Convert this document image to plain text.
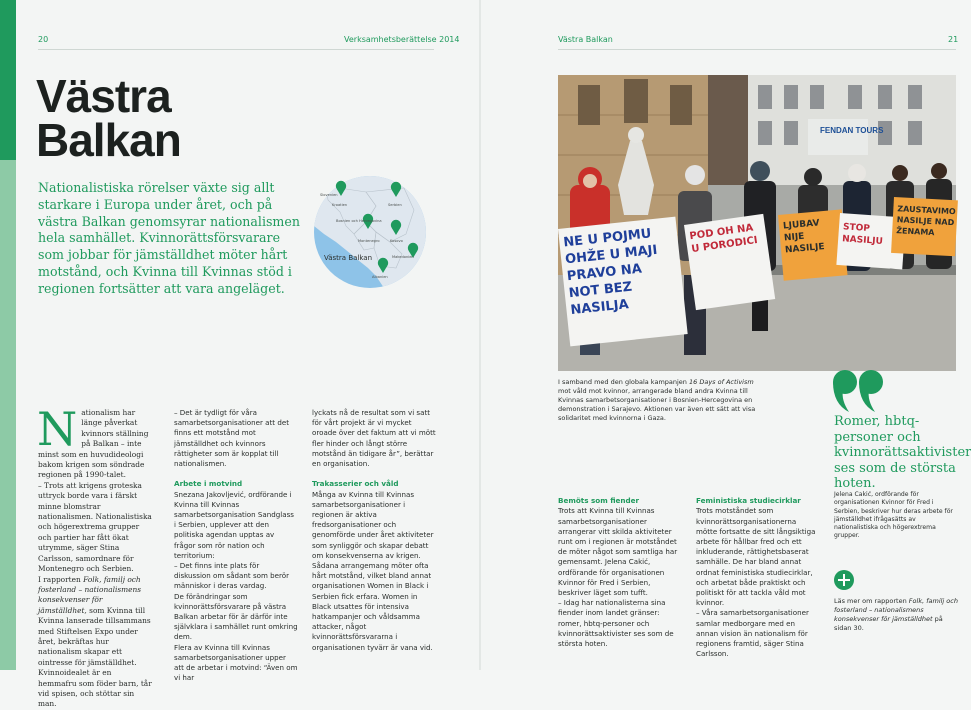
20	Verksamhetsberättelse 2014	Västra Balkan	21
Västra
Balkan
Nationalistiska rörelser växte sig allt starkare i Europa under året, och på västra Balkan genomsyrar nationalismen hela samhället. Kvinnorättsförsvarare som jobbar för jämställdhet möter hårt motstånd, och Kvinna till Kvinnas stöd i regionen fortsätter att vara angeläget.
Slovenien
Kroatien
Bosnien och Hercegovina
Serbien
Kosovo
Makedonien
Albanien
Montenegro
Västra Balkan
FENDAN TOURS
NE U POJMU OHŽE U MAJI PRAVO NA NOT BEZ NASILJA
POD OH NA U PORODICI
LJUBAV NIJE NASILJE
STOP NASILJU
ZAUSTAVIMO NASILJE NAD ŽENAMA

Nationalism har länge påverkat kvinnors ställning på Balkan – inte minst som en huvudideologi bakom krigen som söndrade regionen på 1990-talet.

– Trots att krigens groteska uttryck borde vara i färskt minne blomstrar nationalismen. Nationalistiska och högerextrema grupper och partier har fått ökat utrymme, säger Stina Carlsson, samordnare för Montenegro och Serbien.

I rapporten Folk, familj och fosterland – nationalismens konsekvenser för jämställdhet, som Kvinna till Kvinna lanserade tillsammans med Stiftelsen Expo under året, bekräftas hur nationalism skapar ett ointresse för jämställdhet. Kvinnoidealet är en hemmafru som föder barn, tår vid spisen, och stöttar sin man.

– Det är tydligt för våra samarbetsorganisationer att det finns ett motstånd mot jämställdhet och kvinnors rättigheter som är kopplat till nationalismen.

Arbete i motvind

Snezana Jakovljević, ordförande i Kvinna till Kvinnas samarbetsorganisation Sandglass i Serbien, upplever att den politiska agendan upptas av frågor som rör nation och territorium:

– Det finns inte plats för diskussion om sådant som berör människor i deras vardag.

De förändringar som kvinnorättsförsvarare på västra Balkan arbetar för är därför inte självklara i samhället runt omkring dem.

Flera av Kvinna till Kvinnas samarbetsorganisationer upper att de arbetar i motvind: “Även om vi har

lyckats nå de resultat som vi satt för vårt projekt är vi mycket oroade över det faktum att vi mött fler hinder och långt större motstånd än tidigare år”, berättar en organisation.

Trakasserier och våld

Många av Kvinna till Kvinnas samarbetsorganisationer i regionen är aktiva fredsorganisationer och genomförde under året aktiviteter som synliggör och skapar debatt om konsekvenserna av krigen. Sådana arrangemang möter ofta hårt motstånd, vilket bland annat organisationen Women in Black i Serbien fick erfara. Women in Black utsattes för intensiva hatkampanjer och våldsamma attacker, något kvinnorättsförsvararna i organisationen tyvärr är vana vid.

I samband med den globala kampanjen 16 Days of Activism mot våld mot kvinnor, arrangerade bland andra Kvinna till Kvinnas samarbetsorganisationer i Bosnien-Hercegovina en demonstration i Sarajevo. Aktionen var även ett sätt att visa solidaritet med kvinnorna i Gaza.
Bemöts som fiender

Trots att Kvinna till Kvinnas samarbetsorganisationer arrangerar vitt skilda aktiviteter runt om i regionen är motståndet de möter något som samtliga har gemensamt. Jelena Cakić, ordförande för organisationen Kvinnor för Fred i Serbien, beskriver läget som tufft.

– Idag har nationalisterna sina fiender inom landet gränser: romer, hbtq-personer och kvinnorättsaktivister ses som de största hoten.

Feministiska studiecirklar

Trots motståndet som kvinnorättsorganisationerna mötte fortsatte de sitt långsiktiga arbete för hållbar fred och ett inkluderande, rättighetsbaserat samhälle. De har bland annat ordnat feministiska studiecirklar, och arbetat både praktiskt och politiskt för att tackla våld mot kvinnor.

– Våra samarbetsorganisationer samlar medborgare med en annan vision än nationalism för regionens framtid, säger Stina Carlsson.

Romer, hbtq-personer och kvinnorättsaktivister ses som de största hoten.
Jelena Cakić, ordförande för organisationen Kvinnor för Fred i Serbien, beskriver hur deras arbete för jämställdhet ifrågasätts av nationalistiska och högerextrema grupper.
Läs mer om rapporten Folk, familj och fosterland – nationalismens konsekvenser för jämställdhet på sidan 30.
